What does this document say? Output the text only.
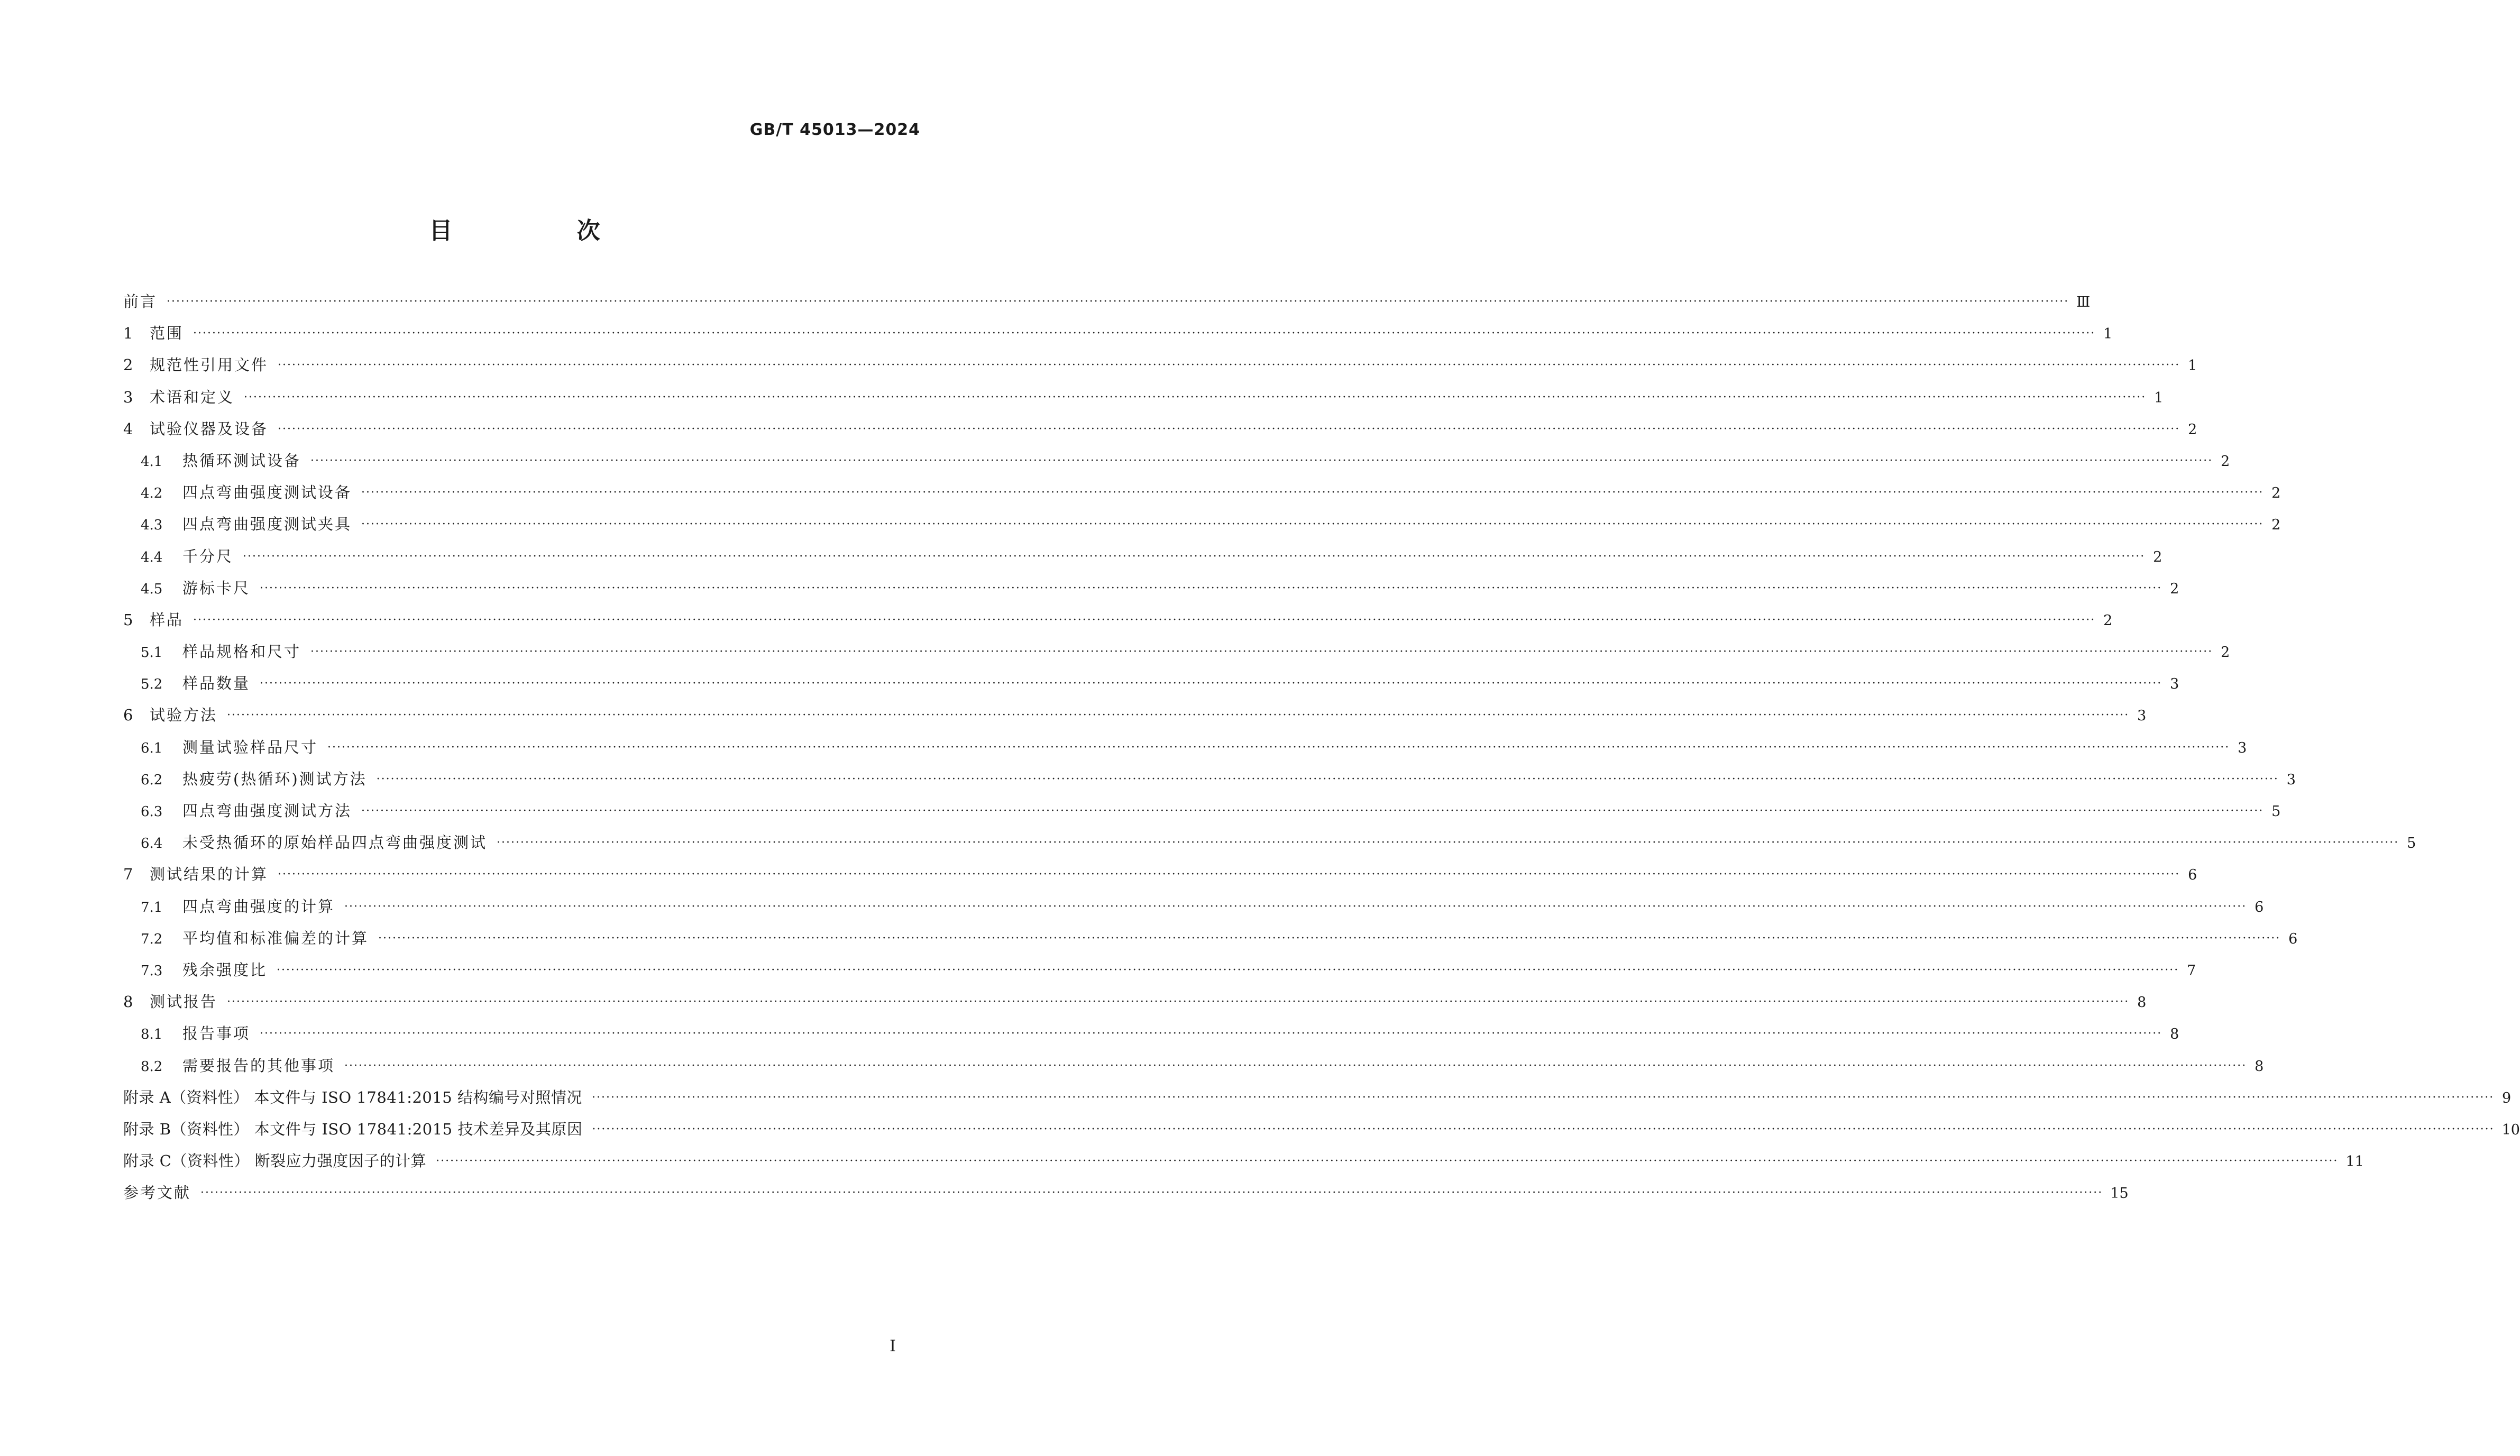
GB/T 45013—2024
目 次
前言 ················································································································································································································································································································································································································ Ⅲ
1	范围 ················································································································································································································································································································································································································ 1
2	规范性引用文件 ················································································································································································································································································································································································································ 1
3	术语和定义 ················································································································································································································································································································································································································ 1
4	试验仪器及设备 ················································································································································································································································································································································································································ 2
4.1	热循环测试设备 ················································································································································································································································································································································································································ 2
4.2	四点弯曲强度测试设备 ················································································································································································································································································································································································································ 2
4.3	四点弯曲强度测试夹具 ················································································································································································································································································································································································································ 2
4.4	千分尺 ················································································································································································································································································································································································································ 2
4.5	游标卡尺 ················································································································································································································································································································································································································ 2
5	样品 ················································································································································································································································································································································································································ 2
5.1	样品规格和尺寸 ················································································································································································································································································································································································································ 2
5.2	样品数量 ················································································································································································································································································································································································································ 3
6	试验方法 ················································································································································································································································································································································································································ 3
6.1	测量试验样品尺寸 ················································································································································································································································································································································································································ 3
6.2	热疲劳(热循环)测试方法 ················································································································································································································································································································································································································ 3
6.3	四点弯曲强度测试方法 ················································································································································································································································································································································································································ 5
6.4	未受热循环的原始样品四点弯曲强度测试 ················································································································································································································································································································································································································ 5
7	测试结果的计算 ················································································································································································································································································································································································································ 6
7.1	四点弯曲强度的计算 ················································································································································································································································································································································································································ 6
7.2	平均值和标准偏差的计算 ················································································································································································································································································································································································································ 6
7.3	残余强度比 ················································································································································································································································································································································································································ 7
8	测试报告 ················································································································································································································································································································································································································ 8
8.1	报告事项 ················································································································································································································································································································································································································ 8
8.2	需要报告的其他事项 ················································································································································································································································································································································································································ 8
附录 A（资料性） 本文件与 ISO 17841:2015 结构编号对照情况 ················································································································································································································································································································································································································ 9
附录 B（资料性） 本文件与 ISO 17841:2015 技术差异及其原因 ················································································································································································································································································································································································································ 10
附录 C（资料性） 断裂应力强度因子的计算 ················································································································································································································································································································································································································ 11
参考文献 ················································································································································································································································································································································································································ 15
I
